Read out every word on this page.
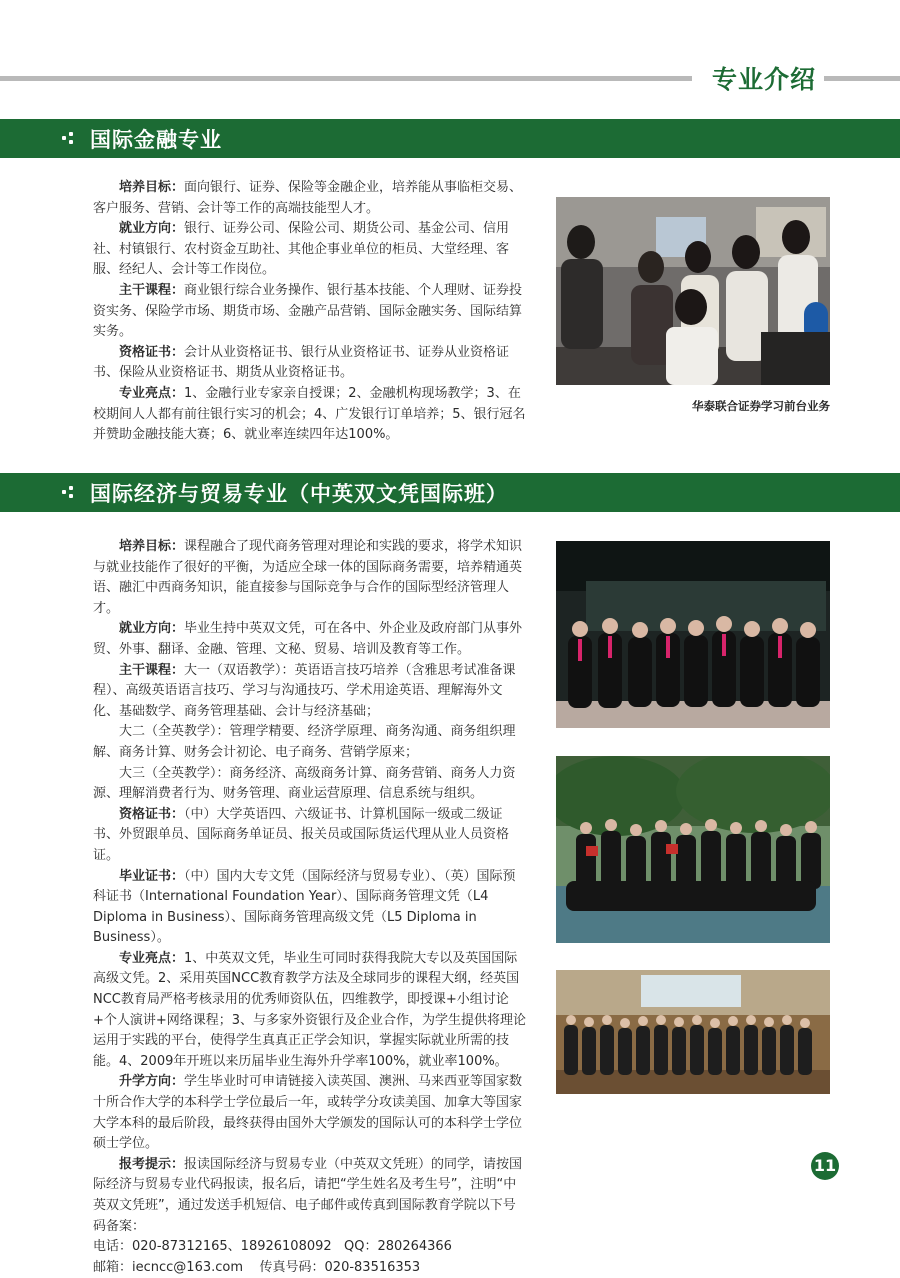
专业介绍
国际金融专业

培养目标：面向银行、证券、保险等金融企业，培养能从事临柜交易、客户服务、营销、会计等工作的高端技能型人才。

就业方向：银行、证券公司、保险公司、期货公司、基金公司、信用社、村镇银行、农村资金互助社、其他企事业单位的柜员、大堂经理、客服、经纪人、会计等工作岗位。

主干课程：商业银行综合业务操作、银行基本技能、个人理财、证券投资实务、保险学市场、期货市场、金融产品营销、国际金融实务、国际结算实务。

资格证书：会计从业资格证书、银行从业资格证书、证券从业资格证书、保险从业资格证书、期货从业资格证书。

专业亮点：1、金融行业专家亲自授课；2、金融机构现场教学；3、在校期间人人都有前往银行实习的机会；4、广发银行订单培养；5、银行冠名并赞助金融技能大赛；6、就业率连续四年达100%。

华泰联合证券学习前台业务
国际经济与贸易专业（中英双文凭国际班）

培养目标：课程融合了现代商务管理对理论和实践的要求，将学术知识与就业技能作了很好的平衡，为适应全球一体的国际商务需要，培养精通英语、融汇中西商务知识，能直接参与国际竞争与合作的国际型经济管理人才。

就业方向：毕业生持中英双文凭，可在各中、外企业及政府部门从事外贸、外事、翻译、金融、管理、文秘、贸易、培训及教育等工作。

主干课程：大一（双语教学）：英语语言技巧培养（含雅思考试准备课程）、高级英语语言技巧、学习与沟通技巧、学术用途英语、理解海外文化、基础数学、商务管理基础、会计与经济基础；

大二（全英教学）：管理学精要、经济学原理、商务沟通、商务组织理解、商务计算、财务会计初论、电子商务、营销学原来；

大三（全英教学）：商务经济、高级商务计算、商务营销、商务人力资源、理解消费者行为、财务管理、商业运营原理、信息系统与组织。

资格证书：（中）大学英语四、六级证书、计算机国际一级或二级证书、外贸跟单员、国际商务单证员、报关员或国际货运代理从业人员资格证。

毕业证书：（中）国内大专文凭（国际经济与贸易专业）、（英）国际预科证书（International Foundation Year）、国际商务管理文凭（L4 Diploma in Business）、国际商务管理高级文凭（L5 Diploma in Business）。

专业亮点：1、中英双文凭，毕业生可同时获得我院大专以及英国国际高级文凭。2、采用英国NCC教育教学方法及全球同步的课程大纲，经英国NCC教育局严格考核录用的优秀师资队伍，四维教学，即授课+小组讨论+个人演讲+网络课程；3、与多家外资银行及企业合作，为学生提供将理论运用于实践的平台，使得学生真真正正学会知识，掌握实际就业所需的技能。4、2009年开班以来历届毕业生海外升学率100%，就业率100%。

升学方向：学生毕业时可申请链接入读英国、澳洲、马来西亚等国家数十所合作大学的本科学士学位最后一年，或转学分攻读美国、加拿大等国家大学本科的最后阶段，最终获得由国外大学颁发的国际认可的本科学士学位硕士学位。

报考提示：报读国际经济与贸易专业（中英双文凭班）的同学，请按国际经济与贸易专业代码报读，报名后，请把“学生姓名及考生号”，注明“中英双文凭班”，通过发送手机短信、电子邮件或传真到国际教育学院以下号码备案：

电话：020-87312165、18926108092   QQ：280264366

邮箱：iecncc@163.com    传真号码：020-83516353

11
